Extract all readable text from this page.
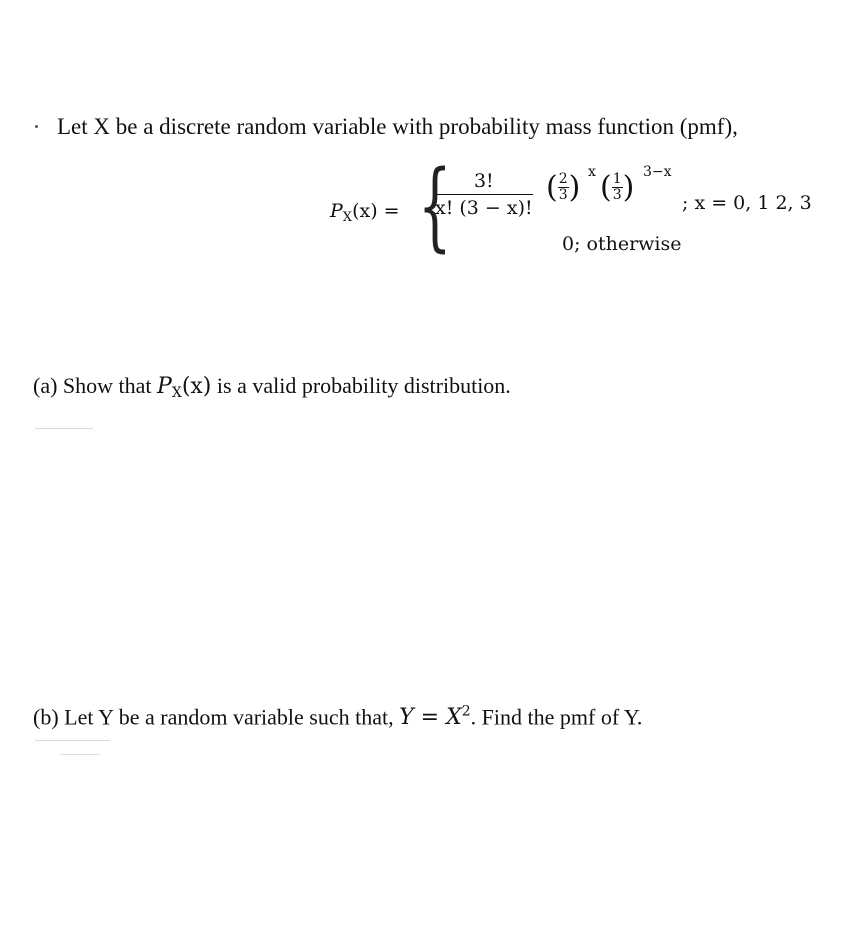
Let X be a discrete random variable with probability mass function (pmf),
$P_X(x)$ = {
$\frac{3!}{x! (3 - x)!}$ ( $\frac{2}{3}$) x ( $\frac{1}{3}$) 3−x
; x = 0, 1 2, 3
0; otherwise
(a) Show that $P_X(x)$ is a valid probability distribution.
(b) Let Y be a random variable such that, $Y = X^2$. Find the pmf of Y.
